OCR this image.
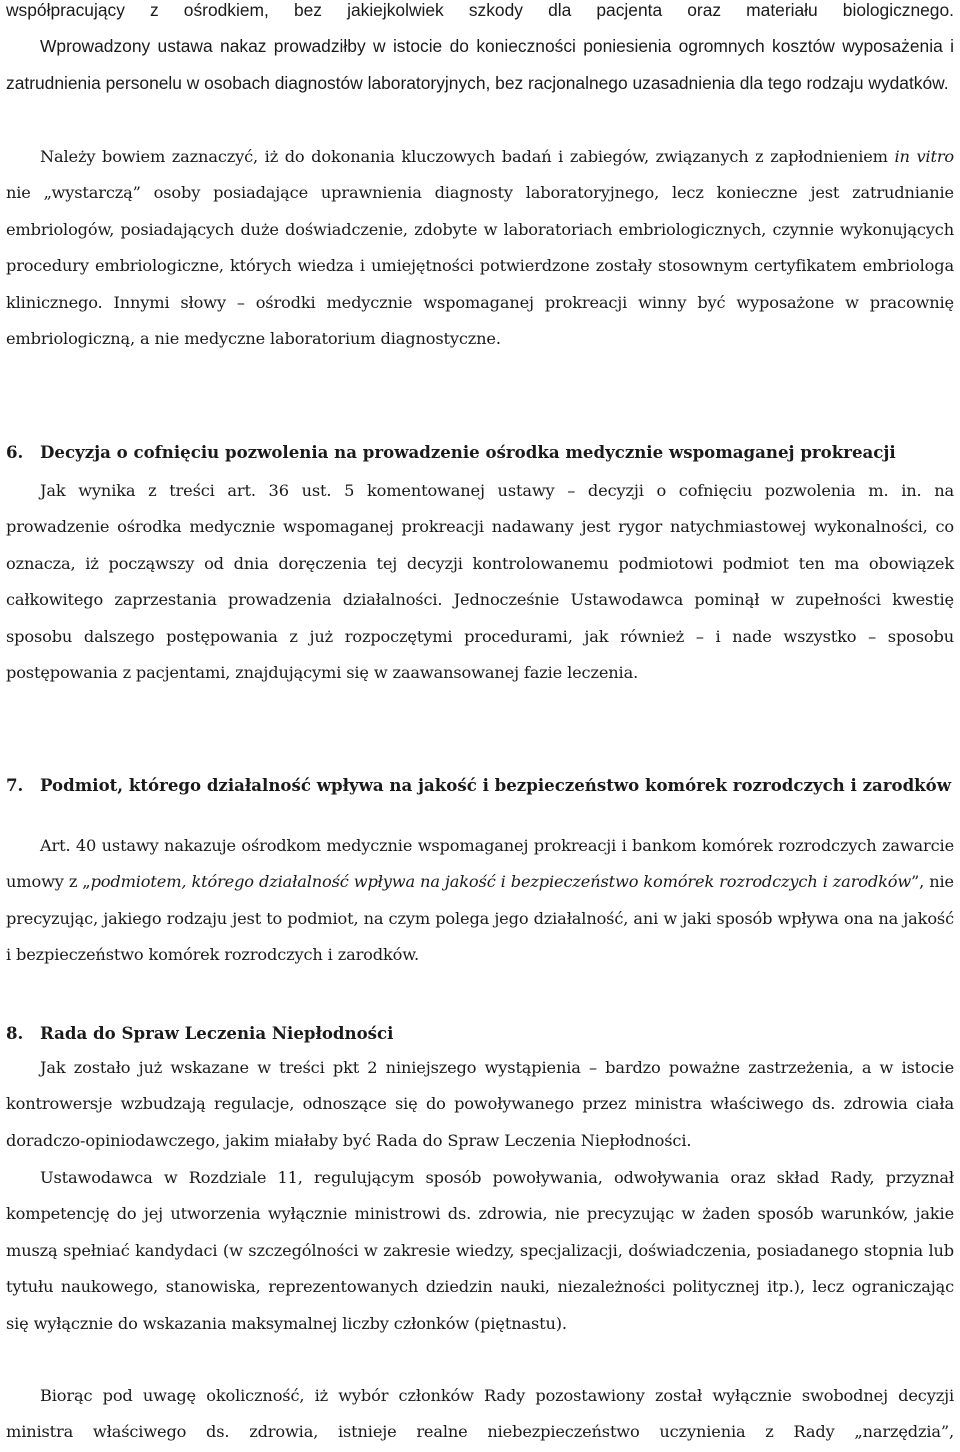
współpracujący z ośrodkiem, bez jakiejkolwiek szkody dla pacjenta oraz materiału biologicznego.

Wprowadzony ustawa nakaz prowadziłby w istocie do konieczności poniesienia ogromnych kosztów wyposażenia i zatrudnienia personelu w osobach diagnostów laboratoryjnych, bez racjonalnego uzasadnienia dla tego rodzaju wydatków.

Należy bowiem zaznaczyć, iż do dokonania kluczowych badań i zabiegów, związanych z zapłodnieniem in vitro nie „wystarczą” osoby posiadające uprawnienia diagnosty laboratoryjnego, lecz konieczne jest zatrudnianie embriologów, posiadających duże doświadczenie, zdobyte w laboratoriach embriologicznych, czynnie wykonujących procedury embriologiczne, których wiedza i umiejętności potwierdzone zostały stosownym certyfikatem embriologa klinicznego. Innymi słowy – ośrodki medycznie wspomaganej prokreacji winny być wyposażone w pracownię embriologiczną, a nie medyczne laboratorium diagnostyczne.

6.	Decyzja o cofnięciu pozwolenia na prowadzenie ośrodka medycznie wspomaganej prokreacji

Jak wynika z treści art. 36 ust. 5 komentowanej ustawy – decyzji o cofnięciu pozwolenia m. in. na

prowadzenie ośrodka medycznie wspomaganej prokreacji nadawany jest rygor natychmiastowej wykonalności, co oznacza, iż począwszy od dnia doręczenia tej decyzji kontrolowanemu podmiotowi podmiot ten ma obowiązek całkowitego zaprzestania prowadzenia działalności. Jednocześnie Ustawodawca pominął w zupełności kwestię sposobu dalszego postępowania z już rozpoczętymi procedurami, jak również – i nade wszystko – sposobu postępowania z pacjentami, znajdującymi się w zaawansowanej fazie leczenia.

7.	Podmiot, którego działalność wpływa na jakość i bezpieczeństwo komórek rozrodczych i zarodków

Art. 40 ustawy nakazuje ośrodkom medycznie wspomaganej prokreacji i bankom komórek rozrodczych zawarcie umowy z „podmiotem, którego działalność wpływa na jakość i bezpieczeństwo komórek rozrodczych i zarodków”, nie precyzując, jakiego rodzaju jest to podmiot, na czym polega jego działalność, ani w jaki sposób wpływa ona na jakość i bezpieczeństwo komórek rozrodczych i zarodków.

8.	Rada do Spraw Leczenia Niepłodności

Jak zostało już wskazane w treści pkt 2 niniejszego wystąpienia – bardzo poważne zastrzeżenia, a w istocie kontrowersje wzbudzają regulacje, odnoszące się do powoływanego przez ministra właściwego ds. zdrowia ciała doradczo-opiniodawczego, jakim miałaby być Rada do Spraw Leczenia Niepłodności.

Ustawodawca w Rozdziale 11, regulującym sposób powoływania, odwoływania oraz skład Rady, przyznał kompetencję do jej utworzenia wyłącznie ministrowi ds. zdrowia, nie precyzując w żaden sposób warunków, jakie muszą spełniać kandydaci (w szczególności w zakresie wiedzy, specjalizacji, doświadczenia, posiadanego stopnia lub tytułu naukowego, stanowiska, reprezentowanych dziedzin nauki, niezależności politycznej itp.), lecz ograniczając się wyłącznie do wskazania maksymalnej liczby członków (piętnastu).

Biorąc pod uwagę okoliczność, iż wybór członków Rady pozostawiony został wyłącznie swobodnej decyzji ministra właściwego ds. zdrowia, istnieje realne niebezpieczeństwo uczynienia z Rady „narzędzia”,
